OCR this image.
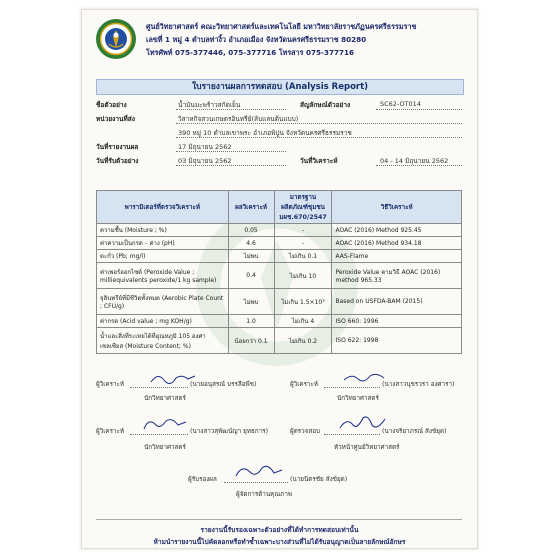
ศูนย์วิทยาศาสตร์ คณะวิทยาศาสตร์และเทคโนโลยี มหาวิทยาลัยราชภัฏนครศรีธรรมราช
เลขที่ 1 หมู่ 4 ตำบลท่างิ้ว อำเภอเมือง จังหวัดนครศรีธรรมราช 80280
โทรศัพท์ 075-377446, 075-377716 โทรสาร 075-377716
ใบรายงานผลการทดสอบ (Analysis Report)
ชื่อตัวอย่าง	น้ำมันมะพร้าวสกัดเย็น	สัญลักษณ์ตัวอย่าง	SC62-OT014
หน่วยงานที่ส่ง	วิสาหกิจสวนเกษตรอินทรีย์(ลับแลนต้นแบบ)
390 หมู่ 10 ตำบลเขาพระ อำเภอพิปูน จังหวัดนครศรีธรรมราช
วันที่รายงานผล	17 มิถุนายน 2562
วันที่รับตัวอย่าง	03 มิถุนายน 2562	วันที่วิเคราะห์	04 - 14 มิถุนายน 2562
พารามิเตอร์ที่ตรวจวิเคราะห์	ผลวิเคราะห์	มาตรฐาน ผลิตภัณฑ์ชุมชน มผช.670/2547	วิธีวิเคราะห์
ความชื้น (Moisture ; %)	0.05	-	AOAC (2016) Method 925.45
ค่าความเป็นกรด – ด่าง (pH)	4.6	-	AOAC (2016) Method 934.18
ตะกั่ว (Pb; mg/l)	ไม่พบ	ไม่เกิน 0.1	AAS-Flame
ค่าเพอร์ออกไซด์ (Peroxide Value ; milliequivalents peroxide/1 kg sample)	0.4	ไม่เกิน 10	Peroxide Value ตามวิธี AOAC (2016) method 965.33
จุลินทรีย์ที่มีชีวิตทั้งหมด (Aerobic Plate Count ; CFU/g)	ไม่พบ	ไม่เกิน 1.5×10³	Based on USFDA-BAM (2015)
ค่ากรด (Acid value ; mg KOH/g)	1.0	ไม่เกิน 4	ISO 660: 1996
น้ำและสิ่งที่ระเหยได้ที่อุณหภูมิ 105 องศาเซลเซียส (Moisture Content; %)	น้อยกว่า 0.1	ไม่เกิน 0.2	ISO 622: 1998
ผู้วิเคราะห์	(นายอนุสรณ์ บรรลือพืช)
นักวิทยาศาสตร์
ผู้วิเคราะห์	(นางสาวนุชรวรา องศารา)
นักวิทยาศาสตร์
ผู้วิเคราะห์	(นางสาวสุพัฒน์ญา ยุทธการ)
นักวิทยาศาสตร์
ผู้ตรวจสอบ	(นางจริยาภรณ์ สังข์ยุด)
หัวหน้าศูนย์วิทยาศาสตร์
ผู้รับรองผล	(นายนิตรชัย สังข์ยุด)
ผู้จัดการด้านคุณภาพ
รายงานนี้รับรองเฉพาะตัวอย่างที่ได้ทำการทดสอบเท่านั้น
ห้ามนำรายงานนี้ไปคัดลอกหรือทำซ้ำเฉพาะบางส่วนที่ไม่ได้รับอนุญาตเป็นลายลักษณ์อักษร
